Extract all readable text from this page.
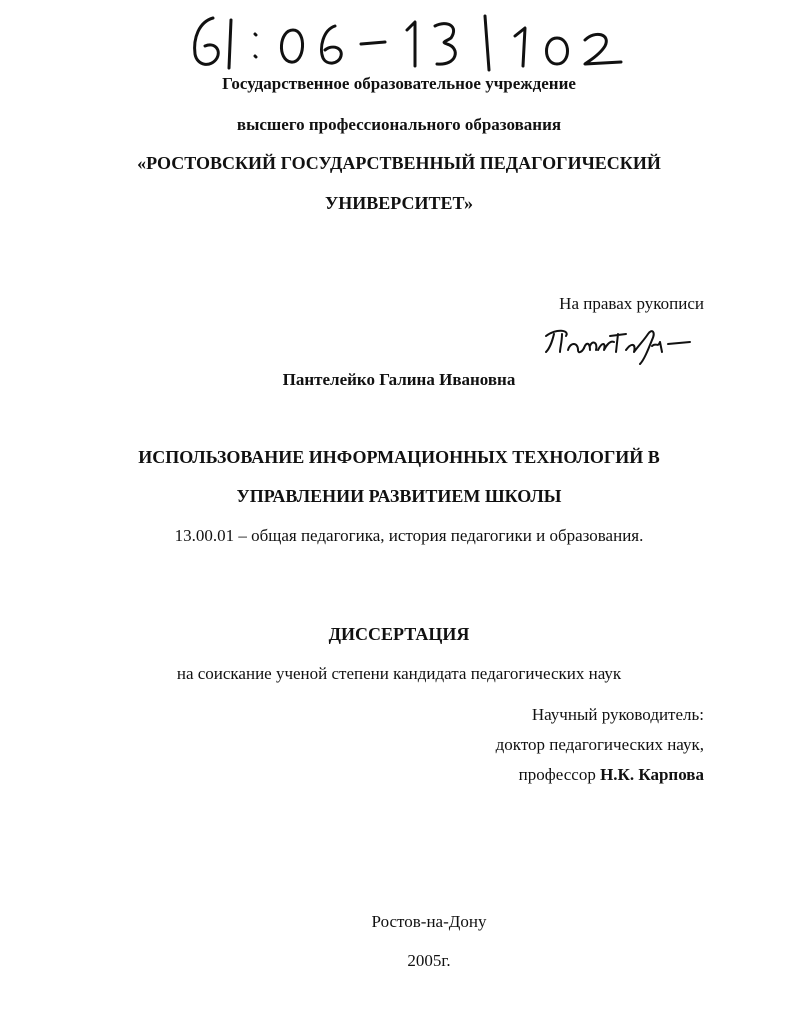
Государственное образовательное учреждение
высшего профессионального образования
«РОСТОВСКИЙ ГОСУДАРСТВЕННЫЙ ПЕДАГОГИЧЕСКИЙ
УНИВЕРСИТЕТ»
На правах рукописи
Пантелейко Галина Ивановна
ИСПОЛЬЗОВАНИЕ ИНФОРМАЦИОННЫХ ТЕХНОЛОГИЙ В
УПРАВЛЕНИИ РАЗВИТИЕМ ШКОЛЫ
13.00.01 – общая педагогика, история педагогики и образования.
ДИССЕРТАЦИЯ
на соискание ученой степени кандидата педагогических наук
Научный руководитель:
доктор педагогических наук,
профессор Н.К. Карпова
Ростов-на-Дону
2005г.
